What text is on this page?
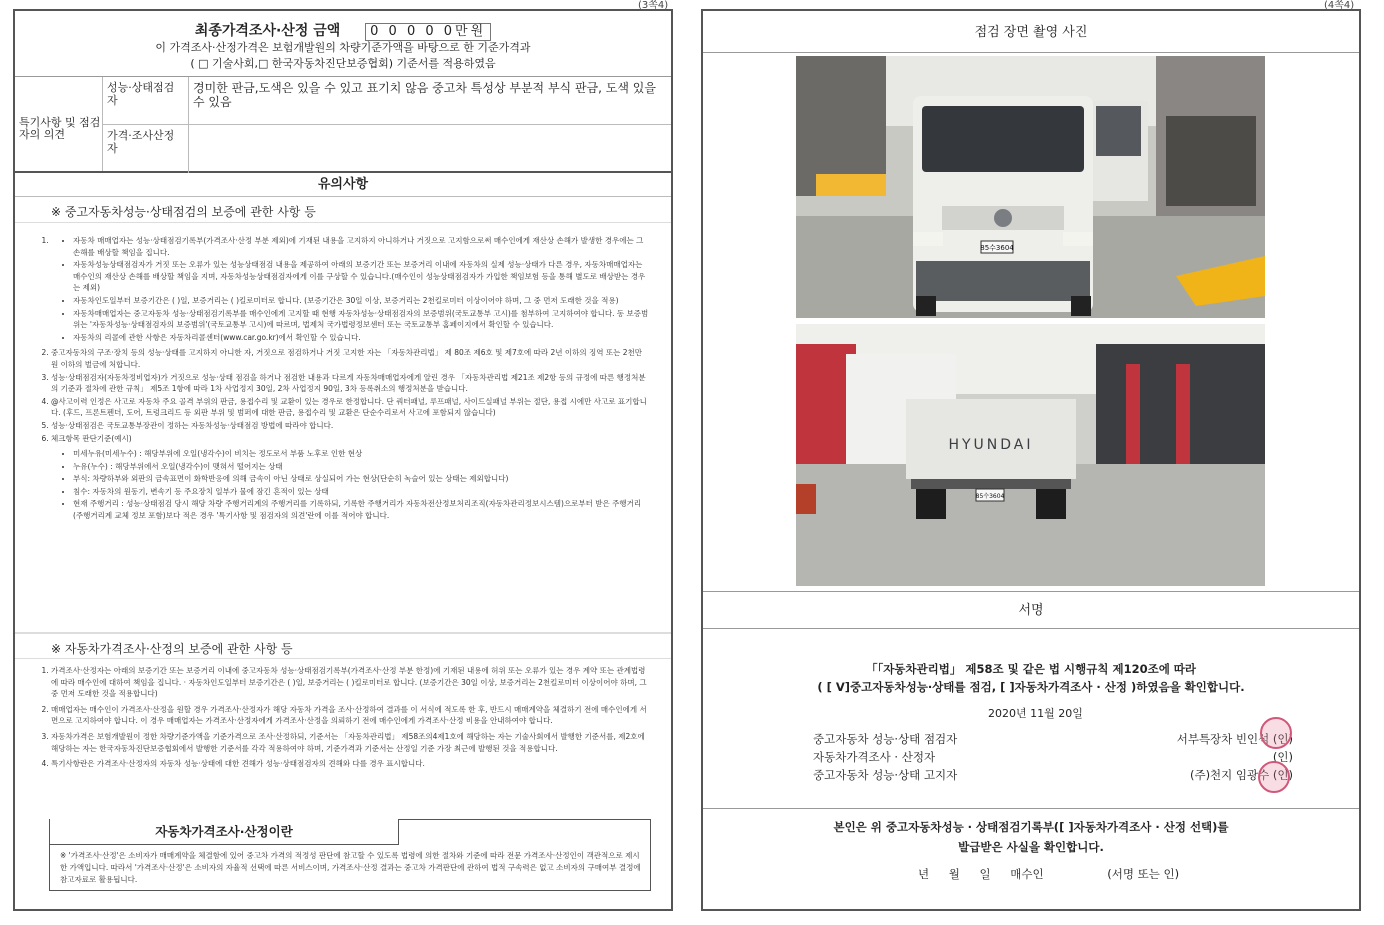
(3쪽4)	(4쪽4)
최종가격조사·산정 금액 0 0 0 0 0만원
이 가격조사·산정가격은 보험개발원의 차량기준가액을 바탕으로 한 기준가격과
( □ 기술사회,□ 한국자동차진단보증협회) 기준서를 적용하였음
특기사항 및 점검자의 의견
성능·상태점검자
경미한 판금,도색은 있을 수 있고 표기치 않음 중고차 특성상 부분적 부식 판금, 도색 있을 수 있음
가격·조사산정자
유의사항
※ 중고자동차성능·상태점검의 보증에 관한 사항 등
• 1. 자동차 매매업자는 성능·상태점검기록부(가격조사·산정 부분 제외)에 기재된 내용을 고지하지 아니하거나 거짓으로 고지함으로써 매수인에게 재산상 손해가 발생한 경우에는 그 손해를 배상할 책임을 집니다.
• 자동차성능상태점검자가 거짓 또는 오류가 있는 성능상태점검 내용을 제공하여 아래의 보증기간 또는 보증거리 이내에 자동차의 실제 성능·상태가 다른 경우, 자동차매매업자는 매수인의 재산상 손해를 배상할 책임을 지며, 자동차성능상태점검자에게 이를 구상할 수 있습니다.(매수인이 성능상태점검자가 가입한 책임보험 등을 통해 별도로 배상받는 경우는 제외)
• 자동차인도일부터 보증기간은 ( )일, 보증거리는 ( )킬로미터로 합니다. (보증기간은 30일 이상, 보증거리는 2천킬로미터 이상이어야 하며, 그 중 먼저 도래한 것을 적용)
• 자동차매매업자는 중고자동차 성능·상태점검기록부를 매수인에게 고지할 때 현행 자동차성능·상태점검자의 보증범위(국토교통부 고시)를 첨부하여 고지하여야 합니다. 동 보증범위는 '자동차성능·상태점검자의 보증범위'(국토교통부 고시)에 따르며, 법제처 국가법령정보센터 또는 국토교통부 홈페이지에서 확인할 수 있습니다.
• 자동차의 리콜에 관한 사항은 자동차리콜센터(www.car.go.kr)에서 확인할 수 있습니다.
2. 중고자동차의 구조·장치 등의 성능·상태를 고지하지 아니한 자, 거짓으로 점검하거나 거짓 고지한 자는 「자동차관리법」 제 80조 제6호 및 제7호에 따라 2년 이하의 징역 또는 2천만원 이하의 벌금에 처합니다.
3. 성능·상태점검자(자동차정비업자)가 거짓으로 성능·상태 점검을 하거나 점검한 내용과 다르게 자동차매매업자에게 알린 경우 「자동차관리법 제21조 제2항 등의 규정에 따른 행정처분의 기준과 절차에 관한 규칙」 제5조 1항에 따라 1차 사업정지 30일, 2차 사업정지 90일, 3차 등록취소의 행정처분을 받습니다.
4. @사고이력 인정은 사고로 자동차 주요 골격 부위의 판금, 용접수리 및 교환이 있는 경우로 한정합니다. 단 쿼터패널, 루프패널, 사이드실패널 부위는 절단, 용접 시에만 사고로 표기합니다. (후드, 프론트펜더, 도어, 트렁크리드 등 외판 부위 및 범퍼에 대한 판금, 용접수리 및 교환은 단순수리로서 사고에 포함되지 않습니다)
5. 성능·상태점검은 국토교통부장관이 정하는 자동차성능·상태점검 방법에 따라야 합니다.
6. 체크항목 판단기준(예시)
• 미세누유(미세누수) : 해당부위에 오일(냉각수)이 비치는 정도로서 부품 노후로 인한 현상
• 누유(누수) : 해당부위에서 오일(냉각수)이 맺혀서 떨어지는 상태
• 부식: 차량하부와 외판의 금속표면이 화학반응에 의해 금속이 아닌 상태로 상실되어 가는 현상(단순히 녹슬어 있는 상태는 제외합니다)
• 침수: 자동차의 원동기, 변속기 등 주요장치 일부가 물에 잠긴 흔적이 있는 상태
• 현재 주행거리 : 성능·상태점검 당시 해당 차량 주행거리계의 주행거리를 기록하되, 기록한 주행거리가 자동차전산정보처리조직(자동차관리정보시스템)으로부터 받은 주행거리(주행거리계 교체 정보 포함)보다 적은 경우 '특기사항 및 점검자의 의견'란에 이를 적어야 합니다.
※ 자동차가격조사·산정의 보증에 관한 사항 등
1. 가격조사·산정자는 아래의 보증기간 또는 보증거리 이내에 중고자동차 성능·상태점검기록부(가격조사·산정 부분 한정)에 기재된 내용에 허위 또는 오류가 있는 경우 계약 또는 관계법령에 따라 매수인에 대하여 책임을 집니다. · 자동차인도일부터 보증기간은 ( )일, 보증거리는 ( )킬로미터로 합니다. (보증기간은 30일 이상, 보증거리는 2천킬로미터 이상이어야 하며, 그 중 먼저 도래한 것을 적용합니다)
2. 매매업자는 매수인이 가격조사·산정을 원할 경우 가격조사·산정자가 해당 자동차 가격을 조사·산정하여 결과를 이 서식에 적도록 한 후, 반드시 매매계약을 체결하기 전에 매수인에게 서면으로 고지하여야 합니다. 이 경우 매매업자는 가격조사·산정자에게 가격조사·산정을 의뢰하기 전에 매수인에게 가격조사·산정 비용을 안내하여야 합니다.
3. 자동차가격은 보험개발원이 정한 차량기준가액을 기준가격으로 조사·산정하되, 기준서는 「자동차관리법」 제58조의4제1호에 해당하는 자는 기술사회에서 발행한 기준서를, 제2호에 해당하는 자는 한국자동차진단보증협회에서 발행한 기준서를 각각 적용하여야 하며, 기준가격과 기준서는 산정일 기준 가장 최근에 발행된 것을 적용합니다.
4. 특기사항란은 가격조사·산정자의 자동차 성능·상태에 대한 견해가 성능·상태점검자의 견해와 다를 경우 표시합니다.
자동차가격조사·산정이란
※ '가격조사·산정'은 소비자가 매매계약을 체결함에 있어 중고차 가격의 적정성 판단에 참고할 수 있도록 법령에 의한 절차와 기준에 따라 전문 가격조사·산정인이 객관적으로 제시한 가액입니다. 따라서 '가격조사·산정'은 소비자의 자율적 선택에 따른 서비스이며, 가격조사·산정 결과는 중고차 가격판단에 관하여 법적 구속력은 없고 소비자의 구매여부 결정에 참고자료로 활용됩니다.
점검 장면 촬영 사진
85수3604
HYUNDAI
85수3604
서명
「「자동차관리법」 제58조 및 같은 법 시행규칙 제120조에 따라
( [ V]중고자동차성능·상태를 점검, [ ]자동차가격조사 · 산정 )하였음을 확인합니다.
2020년 11월 20일
중고자동차 성능·상태 점검자	서부특장차 빈인석 (인)
자동차가격조사 · 산정자	(인)
중고자동차 성능·상태 고지자	(주)천지 임광수 (인)
본인은 위 중고자동차성능 · 상태점검기록부([ ]자동차가격조사 · 산정 선택)를
발급받은 사실을 확인합니다.
년 월 일 매수인	(서명 또는 인)
